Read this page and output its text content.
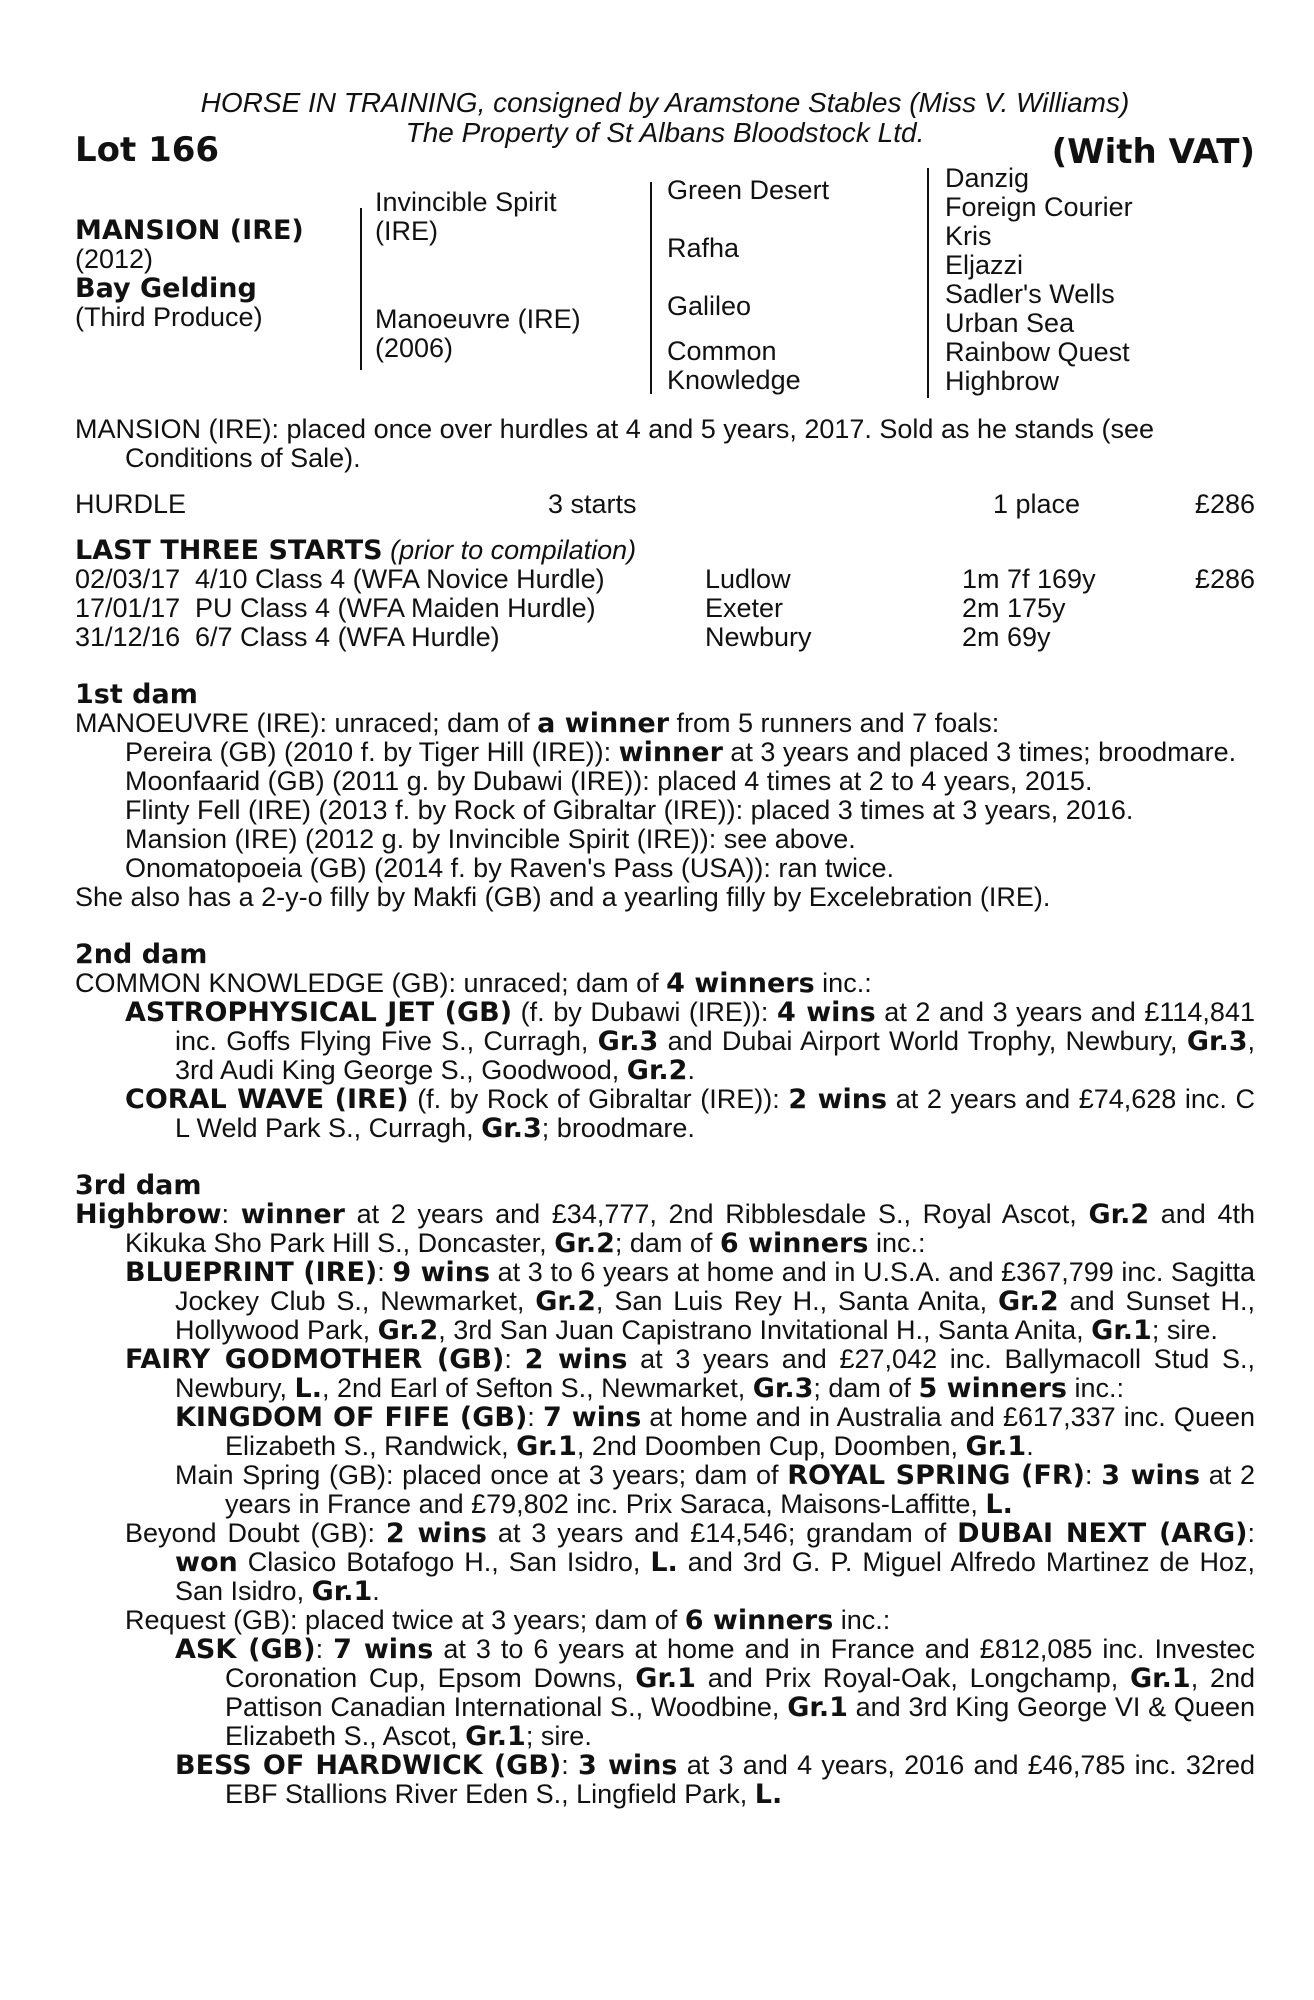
HORSE IN TRAINING, consigned by Aramstone Stables (Miss V. Williams)

The Property of St Albans Bloodstock Ltd.

Lot 166	(With VAT)
MANSION (IRE)
(2012)
Bay Gelding
(Third Produce)
Invincible Spirit
(IRE)
Manoeuvre (IRE)
(2006)
Green Desert
Rafha
Galileo
Common
Knowledge
Danzig
Foreign Courier
Kris
Eljazzi
Sadler's Wells
Urban Sea
Rainbow Quest
Highbrow
MANSION (IRE): placed once over hurdles at 4 and 5 years, 2017. Sold as he stands (see
Conditions of Sale).
HURDLE	3 starts	1 place	£286
LAST THREE STARTS (prior to compilation)
02/03/17 4/10 Class 4 (WFA Novice Hurdle)	Ludlow	1m 7f 169y	£286
17/01/17 PU Class 4 (WFA Maiden Hurdle)	Exeter	2m 175y
31/12/16 6/7 Class 4 (WFA Hurdle)	Newbury	2m 69y
1st dam

MANOEUVRE (IRE): unraced; dam of a winner from 5 runners and 7 foals:

Pereira (GB) (2010 f. by Tiger Hill (IRE)): winner at 3 years and placed 3 times; broodmare.

Moonfaarid (GB) (2011 g. by Dubawi (IRE)): placed 4 times at 2 to 4 years, 2015.

Flinty Fell (IRE) (2013 f. by Rock of Gibraltar (IRE)): placed 3 times at 3 years, 2016.

Mansion (IRE) (2012 g. by Invincible Spirit (IRE)): see above.

Onomatopoeia (GB) (2014 f. by Raven's Pass (USA)): ran twice.

She also has a 2-y-o filly by Makfi (GB) and a yearling filly by Excelebration (IRE).

2nd dam

COMMON KNOWLEDGE (GB): unraced; dam of 4 winners inc.:

ASTROPHYSICAL JET (GB) (f. by Dubawi (IRE)): 4 wins at 2 and 3 years and £114,841 inc. Goffs Flying Five S., Curragh, Gr.3 and Dubai Airport World Trophy, Newbury, Gr.3, 3rd Audi King George S., Goodwood, Gr.2.

CORAL WAVE (IRE) (f. by Rock of Gibraltar (IRE)): 2 wins at 2 years and £74,628 inc. C L Weld Park S., Curragh, Gr.3; broodmare.

3rd dam

Highbrow: winner at 2 years and £34,777, 2nd Ribblesdale S., Royal Ascot, Gr.2 and 4th Kikuka Sho Park Hill S., Doncaster, Gr.2; dam of 6 winners inc.:

BLUEPRINT (IRE): 9 wins at 3 to 6 years at home and in U.S.A. and £367,799 inc. Sagitta Jockey Club S., Newmarket, Gr.2, San Luis Rey H., Santa Anita, Gr.2 and Sunset H., Hollywood Park, Gr.2, 3rd San Juan Capistrano Invitational H., Santa Anita, Gr.1; sire.

FAIRY GODMOTHER (GB): 2 wins at 3 years and £27,042 inc. Ballymacoll Stud S., Newbury, L., 2nd Earl of Sefton S., Newmarket, Gr.3; dam of 5 winners inc.:

KINGDOM OF FIFE (GB): 7 wins at home and in Australia and £617,337 inc. Queen Elizabeth S., Randwick, Gr.1, 2nd Doomben Cup, Doomben, Gr.1.

Main Spring (GB): placed once at 3 years; dam of ROYAL SPRING (FR): 3 wins at 2 years in France and £79,802 inc. Prix Saraca, Maisons-Laffitte, L.

Beyond Doubt (GB): 2 wins at 3 years and £14,546; grandam of DUBAI NEXT (ARG): won Clasico Botafogo H., San Isidro, L. and 3rd G. P. Miguel Alfredo Martinez de Hoz, San Isidro, Gr.1.

Request (GB): placed twice at 3 years; dam of 6 winners inc.:

ASK (GB): 7 wins at 3 to 6 years at home and in France and £812,085 inc. Investec Coronation Cup, Epsom Downs, Gr.1 and Prix Royal-Oak, Longchamp, Gr.1, 2nd Pattison Canadian International S., Woodbine, Gr.1 and 3rd King George VI & Queen Elizabeth S., Ascot, Gr.1; sire.

BESS OF HARDWICK (GB): 3 wins at 3 and 4 years, 2016 and £46,785 inc. 32red EBF Stallions River Eden S., Lingfield Park, L.
